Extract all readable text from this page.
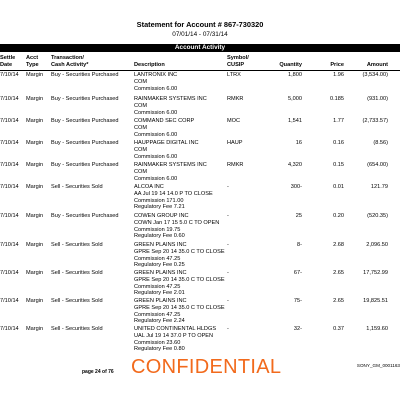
Statement for Account # 867-730320
07/01/14 - 07/31/14
Account Activity
Settle
Date
Acct
Type
Transaction/
Cash Activity*	Description
Symbol/
CUSIP	Quantity	Price	Amount
7/10/14 Margin Buy - Securities Purchased	LTRX	1,800	1.96	(3,534.00)
LANTRONIX INC
COM
Commission 6.00
7/10/14 Margin Buy - Securities Purchased	RMKR	5,000	0.185	(931.00)
RAINMAKER SYSTEMS INC
COM
Commission 6.00
7/10/14 Margin Buy - Securities Purchased	MOC	1,541	1.77	(2,733.57)
COMMAND SEC CORP
COM
Commission 6.00
7/10/14 Margin Buy - Securities Purchased	HAUP	16	0.16	(8.56)
HAUPPAGE DIGITAL INC
COM
Commission 6.00
7/10/14 Margin Buy - Securities Purchased	RMKR	4,320	0.15	(654.00)
RAINMAKER SYSTEMS INC
COM
Commission 6.00
7/10/14 Margin Sell - Securities Sold	-	300-	0.01	121.79
ALCOA INC
AA Jul 19 14 14.0 P TO CLOSE
Commission 171.00
Regulatory Fee 7.21
7/10/14 Margin Buy - Securities Purchased	-	25	0.20	(520.35)
COWEN GROUP INC
COWN Jan 17 15 5.0 C TO OPEN
Commission 19.75
Regulatory Fee 0.60
7/10/14 Margin Sell - Securities Sold	-	8-	2.68	2,096.50
GREEN PLAINS INC
GPRE Sep 20 14 35.0 C TO CLOSE
Commission 47.25
Regulatory Fee 0.25
7/10/14 Margin Sell - Securities Sold	-	67-	2.65	17,752.99
GREEN PLAINS INC
GPRE Sep 20 14 35.0 C TO CLOSE
Commission 47.25
Regulatory Fee 2.01
7/10/14 Margin Sell - Securities Sold	-	75-	2.65	19,825.51
GREEN PLAINS INC
GPRE Sep 20 14 35.0 C TO CLOSE
Commission 47.25
Regulatory Fee 2.24
7/10/14 Margin Sell - Securities Sold	-	32-	0.37	1,159.60
UNITED CONTINENTAL HLDGS
UAL Jul 19 14 37.0 P TO OPEN
Commission 23.60
Regulatory Fee 0.80
page 24 of 76 CONFIDENTIAL	SONY_GM_0001163
